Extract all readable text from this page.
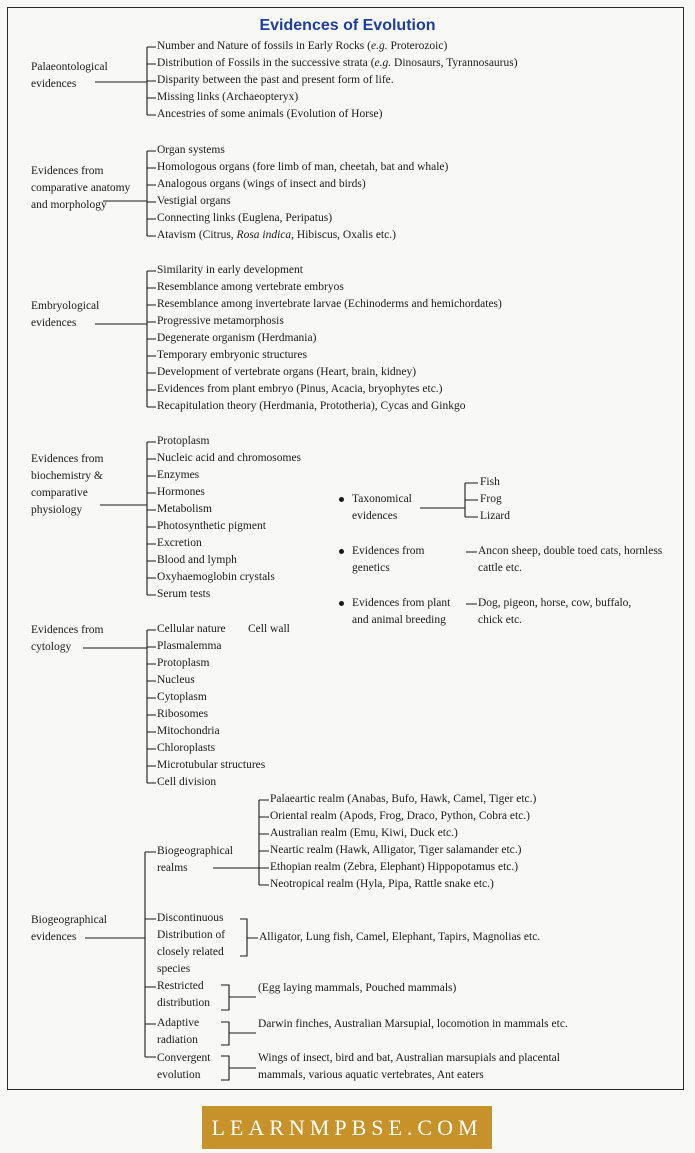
Evidences of Evolution
Palaeontological evidences
Number and Nature of fossils in Early Rocks (e.g. Proterozoic)
Distribution of Fossils in the successive strata (e.g. Dinosaurs, Tyrannosaurus)
Disparity between the past and present form of life.
Missing links (Archaeopteryx)
Ancestries of some animals (Evolution of Horse)
Evidences from comparative anatomy and morphology
Organ systems
Homologous organs (fore limb of man, cheetah, bat and whale)
Analogous organs (wings of insect and birds)
Vestigial organs
Connecting links (Euglena, Peripatus)
Atavism (Citrus, Rosa indica, Hibiscus, Oxalis etc.)
Embryological evidences
Similarity in early development
Resemblance among vertebrate embryos
Resemblance among invertebrate larvae (Echinoderms and hemichordates)
Progressive metamorphosis
Degenerate organism (Herdmania)
Temporary embryonic structures
Development of vertebrate organs (Heart, brain, kidney)
Evidences from plant embryo (Pinus, Acacia, bryophytes etc.)
Recapitulation theory (Herdmania, Prototheria), Cycas and Ginkgo
Evidences from biochemistry & comparative physiology
Protoplasm
Nucleic acid and chromosomes
Enzymes
Hormones
Metabolism
Photosynthetic pigment
Excretion
Blood and lymph
Oxyhaemoglobin crystals
Serum tests
Taxonomical evidences
Fish
Frog
Lizard
Evidences from genetics
Ancon sheep, double toed cats, hornless cattle etc.
Evidences from plant and animal breeding
Dog, pigeon, horse, cow, buffalo, chick etc.
Evidences from cytology
Cellular nature Cell wall
Plasmalemma
Protoplasm
Nucleus
Cytoplasm
Ribosomes
Mitochondria
Chloroplasts
Microtubular structures
Cell division
Biogeographical evidences
Biogeographical realms
Palaeartic realm (Anabas, Bufo, Hawk, Camel, Tiger etc.)
Oriental realm (Apods, Frog, Draco, Python, Cobra etc.)
Australian realm (Emu, Kiwi, Duck etc.)
Neartic realm (Hawk, Alligator, Tiger salamander etc.)
Ethopian realm (Zebra, Elephant) Hippopotamus etc.)
Neotropical realm (Hyla, Pipa, Rattle snake etc.)
Discontinuous Distribution of closely related species
Alligator, Lung fish, Camel, Elephant, Tapirs, Magnolias etc.
Restricted distribution
(Egg laying mammals, Pouched mammals)
Adaptive radiation
Darwin finches, Australian Marsupial, locomotion in mammals etc.
Convergent evolution
Wings of insect, bird and bat, Australian marsupials and placental mammals, various aquatic vertebrates, Ant eaters
LEARNMPBSE.COM
